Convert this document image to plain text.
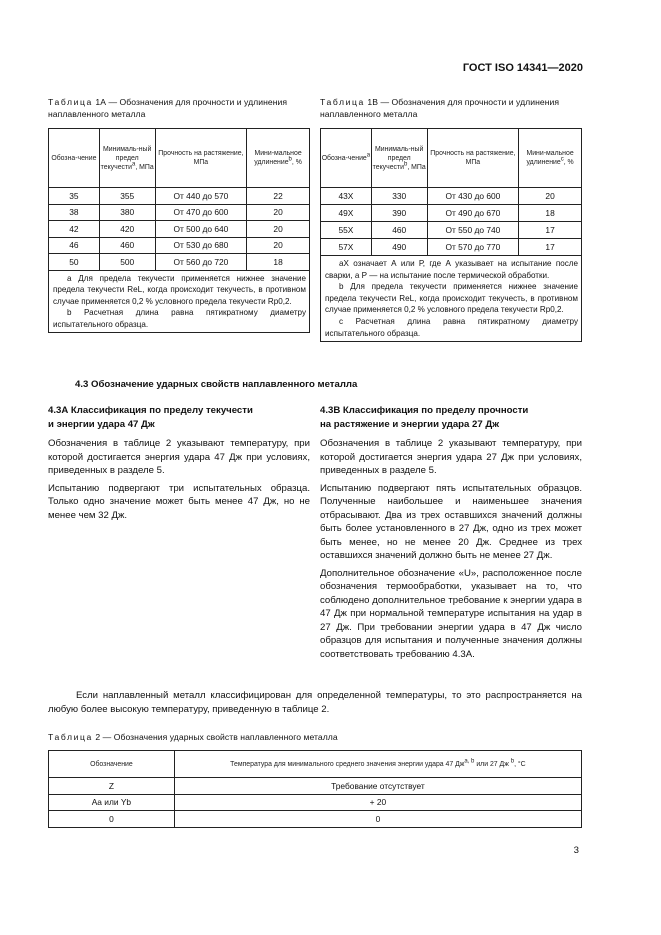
ГОСТ ISO 14341—2020
Таблица 1А — Обозначения для прочности и удлинения наплавленного металла
Обозна-чение	Минималь-ный предел текучести$^a$, МПа	Прочность на растяжение, МПа	Мини-мальное удлинение$^b$, %
35	355	От 440 до 570	22
38	380	От 470 до 600	20
42	420	От 500 до 640	20
46	460	От 530 до 680	20
50	500	От 560 до 720	18

a Для предела текучести применяется нижнее значение предела текучести ReL, когда происходит текучесть, в противном случае применяется 0,2 % условного предела текучести Rp0,2.

b Расчетная длина равна пятикратному диаметру испытательного образца.			

Таблица 1В — Обозначения для прочности и удлинения наплавленного металла
Обозна-чение$^a$	Минималь-ный предел текучести$^b$, МПа	Прочность на растяжение, МПа	Мини-мальное удлинение$^c$, %
43X	330	От 430 до 600	20
49X	390	От 490 до 670	18
55X	460	От 550 до 740	17
57X	490	От 570 до 770	17

aX означает А или Р, где А указывает на испытание после сварки, а Р — на испытание после термической обработки.

b Для предела текучести применяется нижнее значение предела текучести ReL, когда происходит текучесть, в противном случае применяется 0,2 % условного предела текучести Rp0,2.

c Расчетная длина равна пятикратному диаметру испытательного образца.			

4.3 Обозначение ударных свойств наплавленного металла
4.3А Классификация по пределу текучести
и энергии удара 47 Дж

Обозначения в таблице 2 указывают температуру, при которой достигается энергия удара 47 Дж при условиях, приведенных в разделе 5.

Испытанию подвергают три испытательных образца. Только одно значение может быть менее 47 Дж, но не менее чем 32 Дж.

4.3В Классификация по пределу прочности
на растяжение и энергии удара 27 Дж

Обозначения в таблице 2 указывают температуру, при которой достигается энергия удара 27 Дж при условиях, приведенных в разделе 5.

Испытанию подвергают пять испытательных образцов. Полученные наибольшее и наименьшее значения отбрасывают. Два из трех оставшихся значений должны быть более установленного в 27 Дж, одно из трех может быть менее, но не менее 20 Дж. Среднее из трех оставшихся значений должно быть не менее 27 Дж.

Дополнительное обозначение «U», расположенное после обозначения термообработки, указывает на то, что соблюдено дополнительное требование к энергии удара в 47 Дж при нормальной температуре испытания на удар в 27 Дж. При требовании энергии удара в 47 Дж число образцов для испытания и полученные значения должны соответствовать требованию 4.3А.

Если наплавленный металл классифицирован для определенной температуры, то это распространяется на любую более высокую температуру, приведенную в таблице 2.
Таблица 2 — Обозначения ударных свойств наплавленного металла
Обозначение	Температура для минимального среднего значения энергии удара 47 Дж$^{a, b}$ или 27 Дж $^b$, °C
Z	Требование отсутствует
Aa или Yb	+ 20
0	0
3
